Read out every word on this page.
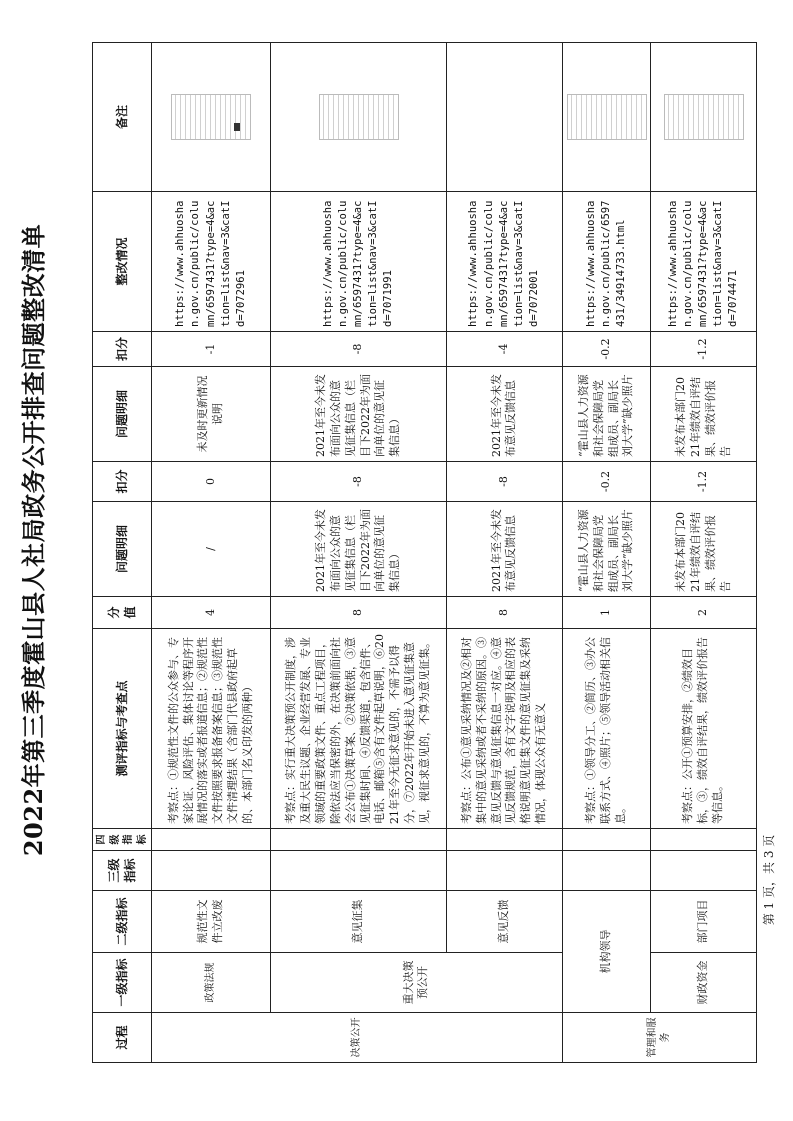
2022年第三季度霍山县人社局政务公开排查问题整改清单
过程	一级指标	二级指标	三级指标	四级指标	测评指标与考查点	分值	问题明细	扣分	问题明细	扣分	整改情况	备注
决策公开	政策法规	规范性文件立改废			考察点：①规范性文件的公众参与、专家论证、风险评估、集体讨论等程序开展情况的落实或者报道信息；②规范性文件按照要求报备备案信息；③规范性文件清理结果（含部门代县政府起草的、本部门名义印发的两种）	4	/	0	未及时更新情况说明	-1	https://www.ahhuoshan.gov.cn/public/column/6597431?type=4&action=list&nav=3&catId=7072961	

	重大决策预公开	意见征集			考察点：实行重大决策预公开制度，涉及重大民生议题、企业经营发展、专业领域的重要政策文件、重点工程项目，除依法应当保密的外，在决策前面向社会公布①决策草案、②决策依据，③意见征集时间、④反馈渠道，包含信件、电话、邮箱⑤含有文件起草说明，⑥2021年至今无征求意见的，不需予以得分，⑦2022年开始未进入意见征集意见，视征求意见的，不算为意见征集。	8	2021年至今未发布面向公众的意见征集信息（栏目下2022年为面向单位的意见征集信息）	-8	2021年至今未发布面向公众的意见征集信息（栏目下2022年为面向单位的意见征集信息）	-8	https://www.ahhuoshan.gov.cn/public/column/6597431?type=4&action=list&nav=3&catId=7071991	

		意见反馈			考察点：公布①意见采纳情况及②相对集中的意见采纳或者不采纳的原因。③意见反馈与意见征集信息一对应。④意见反馈规范，含有文字说明及相应的表格说明意见征集文件的意见征集及采纳情况，体现公众有无意义	8	2021年至今未发布意见反馈信息	-8	2021年至今未发布意见反馈信息	-4	https://www.ahhuoshan.gov.cn/public/column/6597431?type=4&action=list&nav=3&catId=7072001	
管理和服务	机构领导				考察点：①领导分工、②简历、③办公联系方式、④照片；⑤领导活动相关信息。	1	“霍山县人力资源和社会保障局党组成员、副局长刘大学”缺少照片	-0.2	“霍山县人力资源和社会保障局党组成员、副局长刘大学”缺少照片	-0.2	https://www.ahhuoshan.gov.cn/public/6597431/34914733.html	

	财政资金	部门项目			考察点：公开①预算安排，②绩效目标，③，绩效自评结果，绩效评价报告等信息。	2	未发布本部门2021年绩效自评结果、绩效评价报告	-1.2	未发布本部门2021年绩效自评结果、绩效评价报告	-1.2	https://www.ahhuoshan.gov.cn/public/column/6597431?type=4&action=list&nav=3&catId=7074471	
第 1 页，共 3 页
